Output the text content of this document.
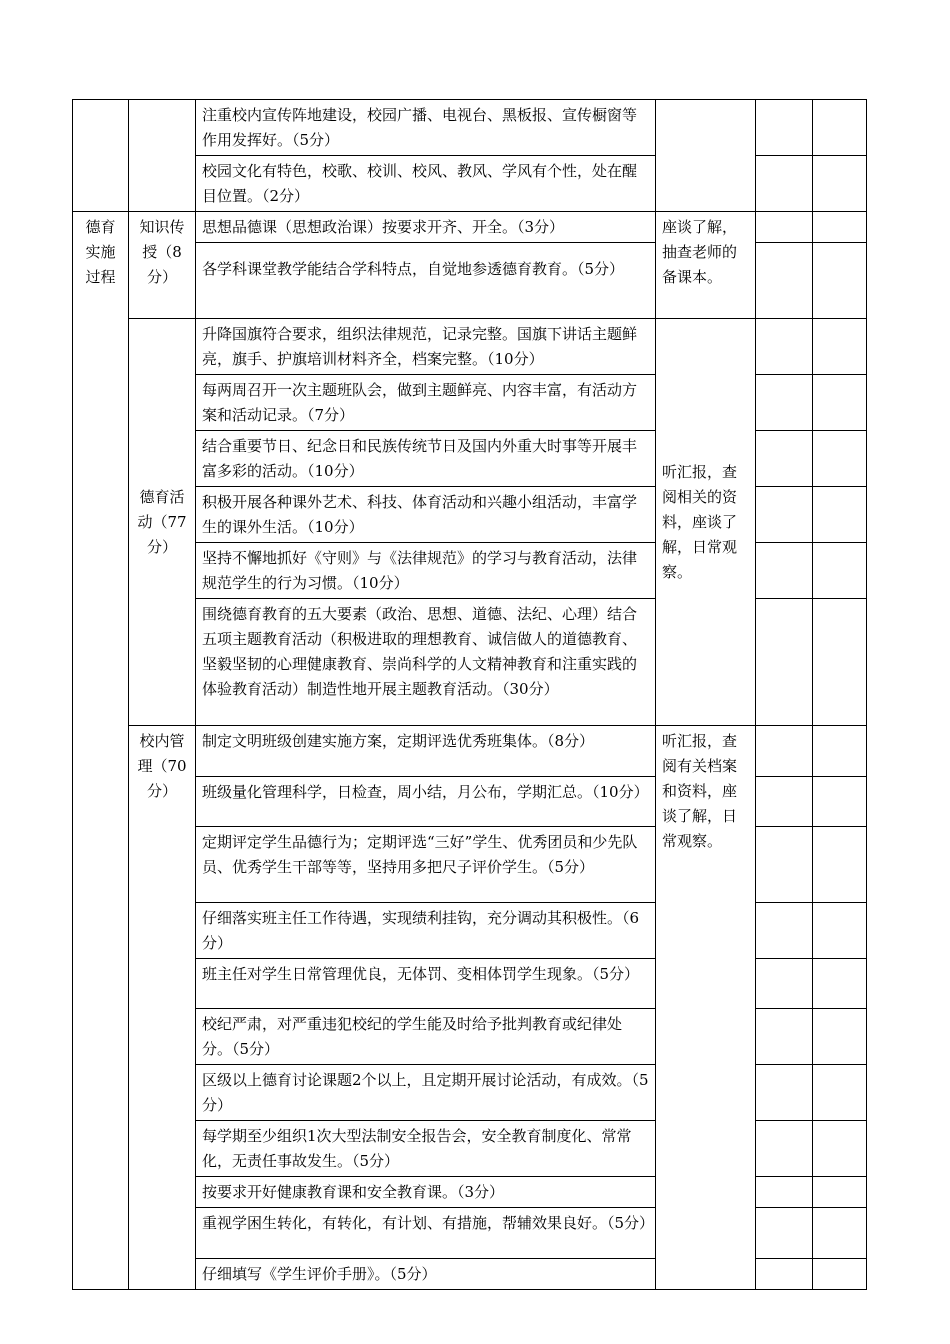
		注重校内宣传阵地建设，校园广播、电视台、黑板报、宣传橱窗等作用发挥好。（5分）			
		校园文化有特色，校歌、校训、校风、教风、学风有个性，处在醒目位置。（2分）			
德育实施过程	知识传授（8分）	思想品德课（思想政治课）按要求开齐、开全。（3分）	座谈了解，抽查老师的备课本。		
		各学科课堂教学能结合学科特点，自觉地参透德育教育。（5分）			
	德育活动（77分）	升降国旗符合要求，组织法律规范，记录完整。国旗下讲话主题鲜亮，旗手、护旗培训材料齐全，档案完整。（10分）	听汇报，查阅相关的资料，座谈了解，日常观察。		
		每两周召开一次主题班队会，做到主题鲜亮、内容丰富，有活动方案和活动记录。（7分）			
		结合重要节日、纪念日和民族传统节日及国内外重大时事等开展丰富多彩的活动。（10分）			
		积极开展各种课外艺术、科技、体育活动和兴趣小组活动，丰富学生的课外生活。（10分）			
		坚持不懈地抓好《守则》与《法律规范》的学习与教育活动，法律规范学生的行为习惯。（10分）			
		围绕德育教育的五大要素（政治、思想、道德、法纪、心理）结合五项主题教育活动（积极进取的理想教育、诚信做人的道德教育、坚毅坚韧的心理健康教育、崇尚科学的人文精神教育和注重实践的体验教育活动）制造性地开展主题教育活动。（30分）			
	校内管理（70分）	制定文明班级创建实施方案，定期评选优秀班集体。（8分）	听汇报，查阅有关档案和资料，座谈了解，日常观察。		
		班级量化管理科学，日检查，周小结，月公布，学期汇总。（10分）			
		定期评定学生品德行为；定期评选“三好”学生、优秀团员和少先队员、优秀学生干部等等，坚持用多把尺子评价学生。（5分）			
		仔细落实班主任工作待遇，实现绩利挂钩，充分调动其积极性。（6分）			
		班主任对学生日常管理优良，无体罚、变相体罚学生现象。（5分）			
		校纪严肃，对严重违犯校纪的学生能及时给予批判教育或纪律处分。（5分）			
		区级以上德育讨论课题2个以上，且定期开展讨论活动，有成效。（5分）			
		每学期至少组织1次大型法制安全报告会，安全教育制度化、常常化，无责任事故发生。（5分）			
		按要求开好健康教育课和安全教育课。（3分）			
		重视学困生转化，有转化，有计划、有措施，帮辅效果良好。（5分）			
		仔细填写《学生评价手册》。（5分）			
